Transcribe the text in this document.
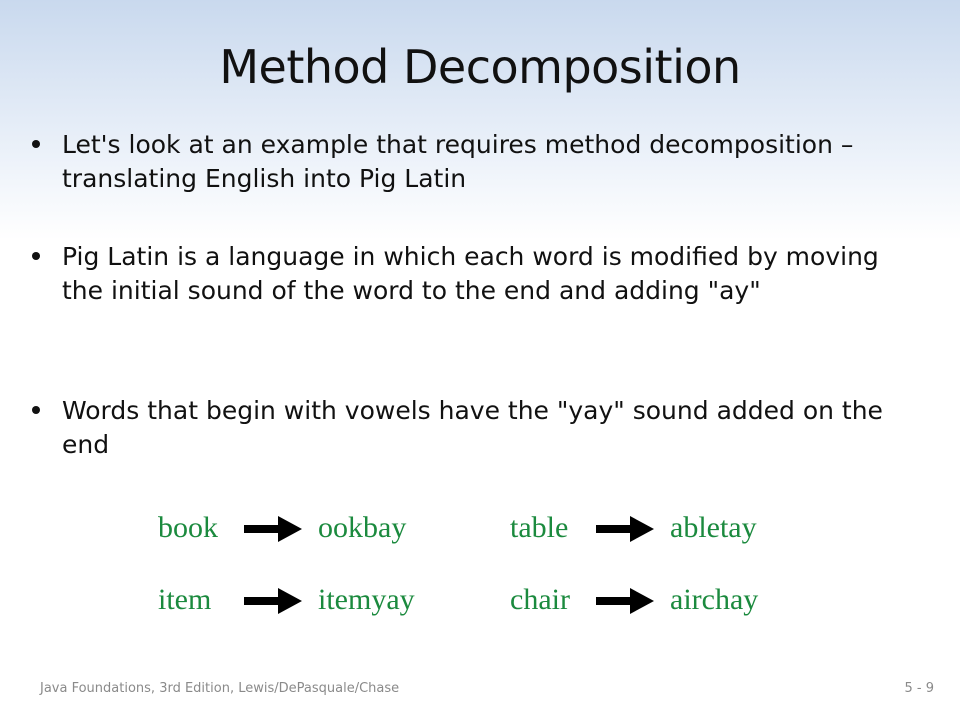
Method Decomposition
Let's look at an example that requires method decomposition – translating English into Pig Latin
Pig Latin is a language in which each word is modified by moving the initial sound of the word to the end and adding "ay"
Words that begin with vowels have the "yay" sound added on the end
book	ookbay	table	abletay
item	itemyay	chair	airchay
Java Foundations, 3rd Edition, Lewis/DePasquale/Chase	5 - 9
